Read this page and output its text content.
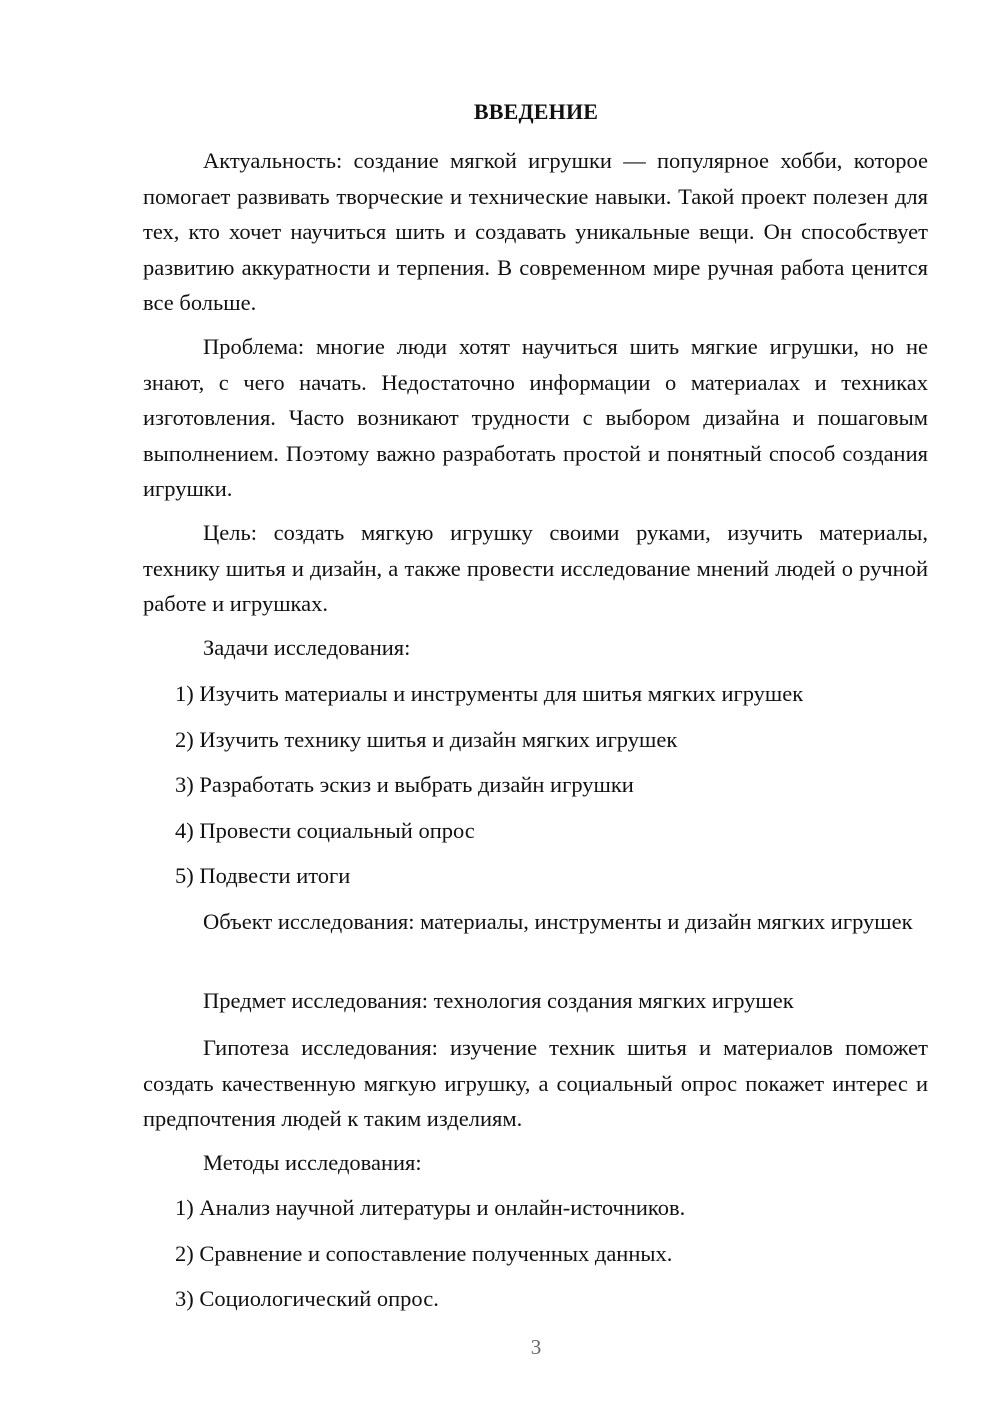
ВВЕДЕНИЕ

Актуальность: создание мягкой игрушки — популярное хобби, которое помогает развивать творческие и технические навыки. Такой проект полезен для тех, кто хочет научиться шить и создавать уникальные вещи. Он способствует развитию аккуратности и терпения. В современном мире ручная работа ценится все больше.

Проблема: многие люди хотят научиться шить мягкие игрушки, но не знают, с чего начать. Недостаточно информации о материалах и техниках изготовления. Часто возникают трудности с выбором дизайна и пошаговым выполнением. Поэтому важно разработать простой и понятный способ создания игрушки.

Цель: создать мягкую игрушку своими руками, изучить материалы, технику шитья и дизайн, а также провести исследование мнений людей о ручной работе и игрушках.

Задачи исследования:

1) Изучить материалы и инструменты для шитья мягких игрушек

2) Изучить технику шитья и дизайн мягких игрушек

3) Разработать эскиз и выбрать дизайн игрушки

4) Провести социальный опрос

5) Подвести итоги

Объект исследования: материалы, инструменты и дизайн мягких игрушек

Предмет исследования: технология создания мягких игрушек

Гипотеза исследования: изучение техник шитья и материалов поможет создать качественную мягкую игрушку, а социальный опрос покажет интерес и предпочтения людей к таким изделиям.

Методы исследования:

1) Анализ научной литературы и онлайн-источников.

2) Сравнение и сопоставление полученных данных.

3) Социологический опрос.

3
